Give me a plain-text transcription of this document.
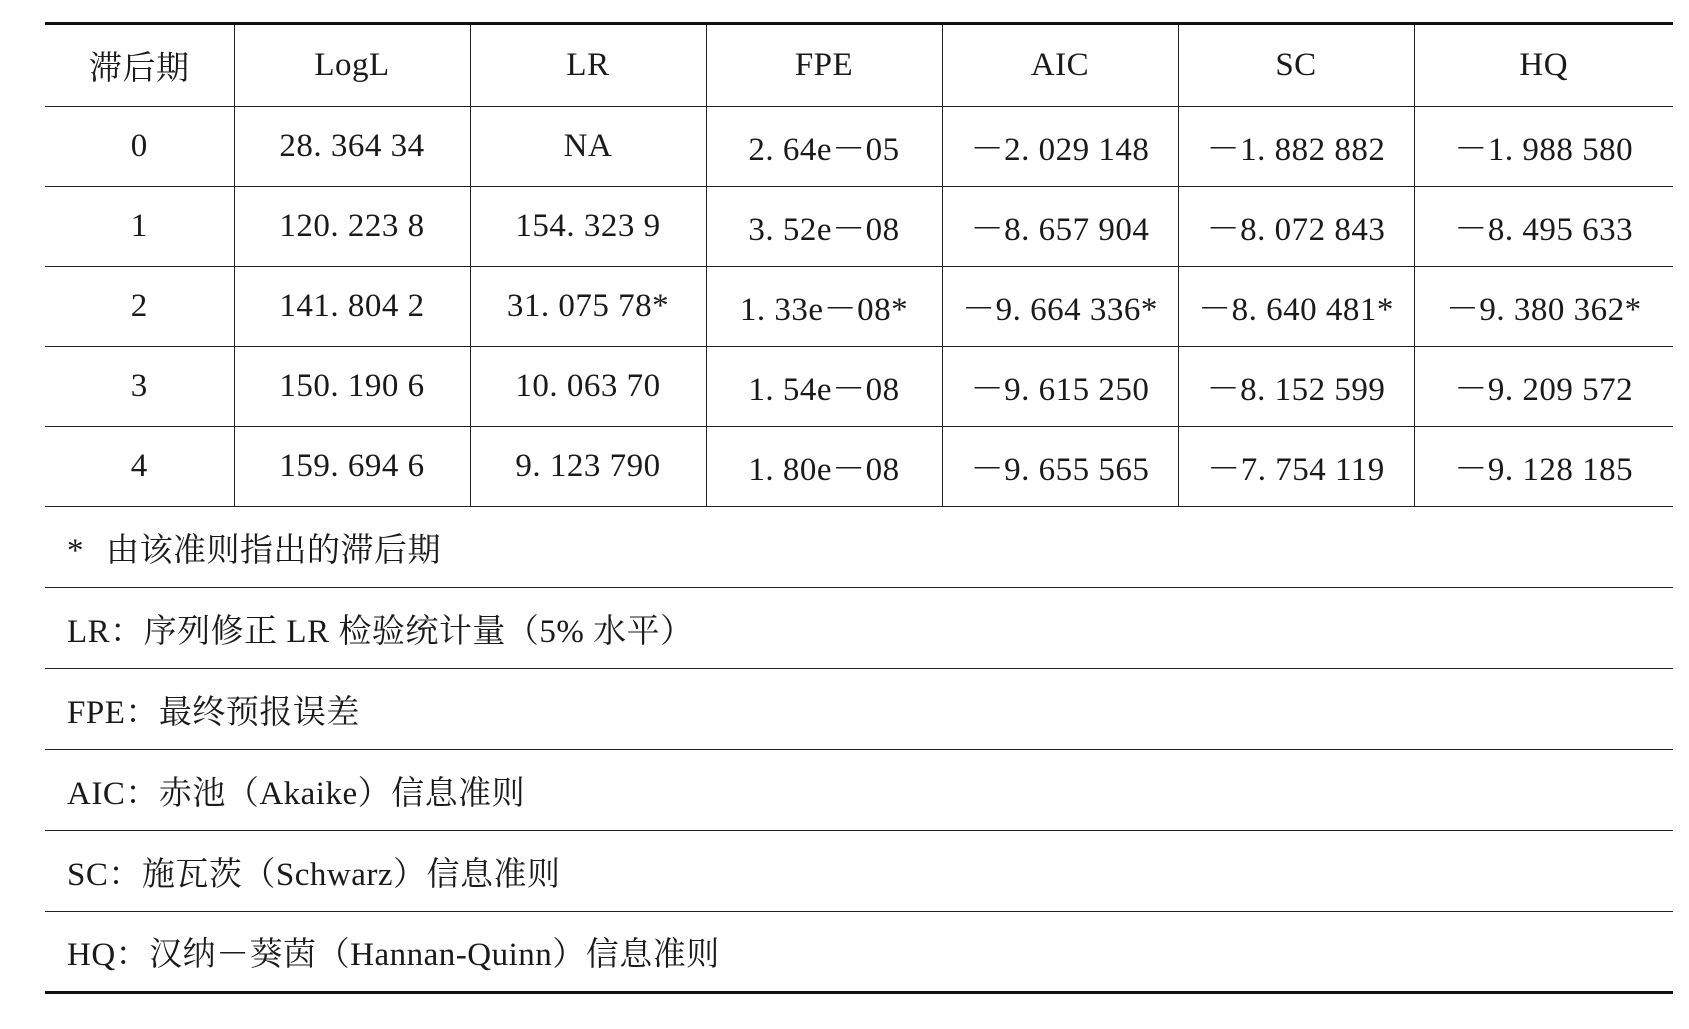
滞后期	LogL	LR	FPE	AIC	SC	HQ
0	28. 364 34	NA	2. 64e－05	－2. 029 148	－1. 882 882	－1. 988 580
1	120. 223 8	154. 323 9	3. 52e－08	－8. 657 904	－8. 072 843	－8. 495 633
2	141. 804 2	31. 075 78*	1. 33e－08*	－9. 664 336*	－8. 640 481*	－9. 380 362*
3	150. 190 6	10. 063 70	1. 54e－08	－9. 615 250	－8. 152 599	－9. 209 572
4	159. 694 6	9. 123 790	1. 80e－08	－9. 655 565	－7. 754 119	－9. 128 185
* 由该准则指出的滞后期						
LR：序列修正 LR 检验统计量（5% 水平）						
FPE：最终预报误差						
AIC：赤池（Akaike）信息准则						
SC：施瓦茨（Schwarz）信息准则						
HQ：汉纳－葵茵（Hannan-Quinn）信息准则						
